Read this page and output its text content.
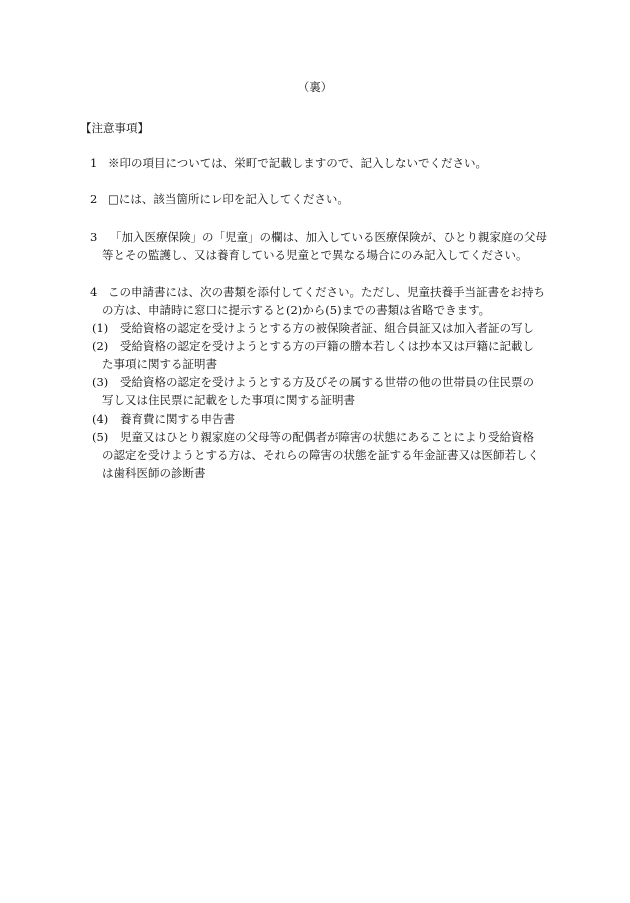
（裏）
【注意事項】
1 ※印の項目については、栄町で記載しますので、記入しないでください。
2 □には、該当箇所にレ印を記入してください。
3 「加入医療保険」の「児童」の欄は、加入している医療保険が、ひとり親家庭の父母
等とその監護し、又は養育している児童とで異なる場合にのみ記入してください。
4 この申請書には、次の書類を添付してください。ただし、児童扶養手当証書をお持ち
の方は、申請時に窓口に提示すると(2)から(5)までの書類は省略できます。
(1) 受給資格の認定を受けようとする方の被保険者証、組合員証又は加入者証の写し
(2) 受給資格の認定を受けようとする方の戸籍の謄本若しくは抄本又は戸籍に記載し
た事項に関する証明書
(3) 受給資格の認定を受けようとする方及びその属する世帯の他の世帯員の住民票の
写し又は住民票に記載をした事項に関する証明書
(4) 養育費に関する申告書
(5) 児童又はひとり親家庭の父母等の配偶者が障害の状態にあることにより受給資格
の認定を受けようとする方は、それらの障害の状態を証する年金証書又は医師若しく
は歯科医師の診断書
